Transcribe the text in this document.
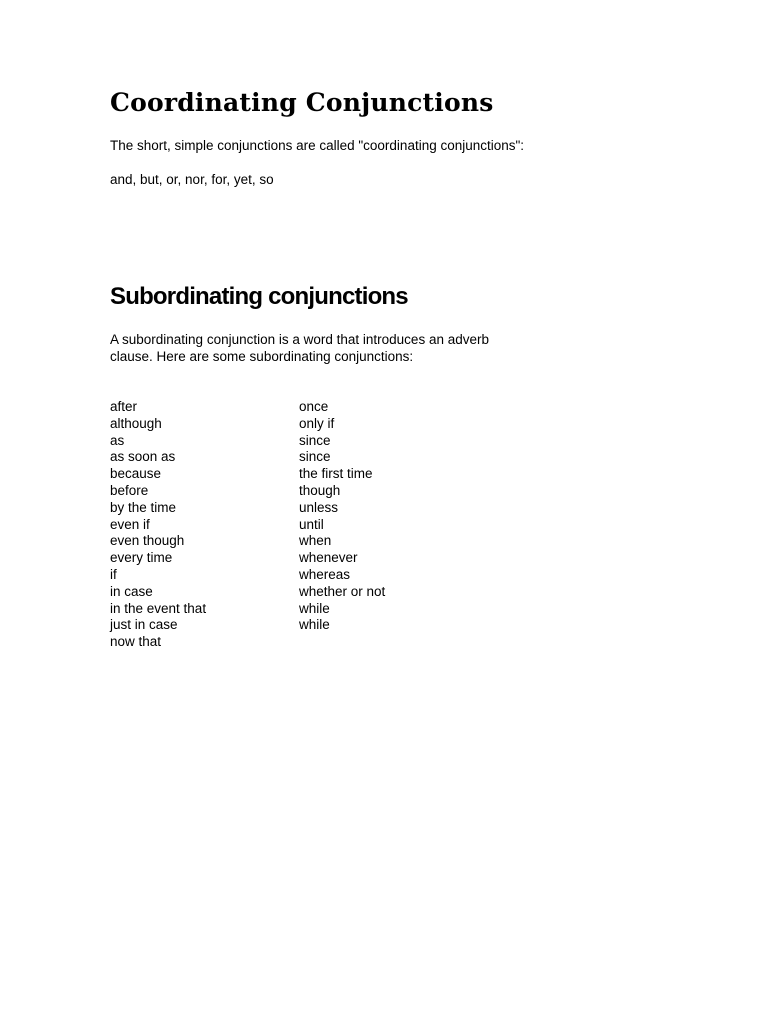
Coordinating Conjunctions

The short, simple conjunctions are called "coordinating conjunctions":

and, but, or, nor, for, yet, so

Subordinating conjunctions

A subordinating conjunction is a word that introduces an adverb

clause. Here are some subordinating conjunctions:

after
although
as
as soon as
because
before
by the time
even if
even though
every time
if
in case
in the event that
just in case
now that
once
only if
since
since
the first time
though
unless
until
when
whenever
whereas
whether or not
while
while
